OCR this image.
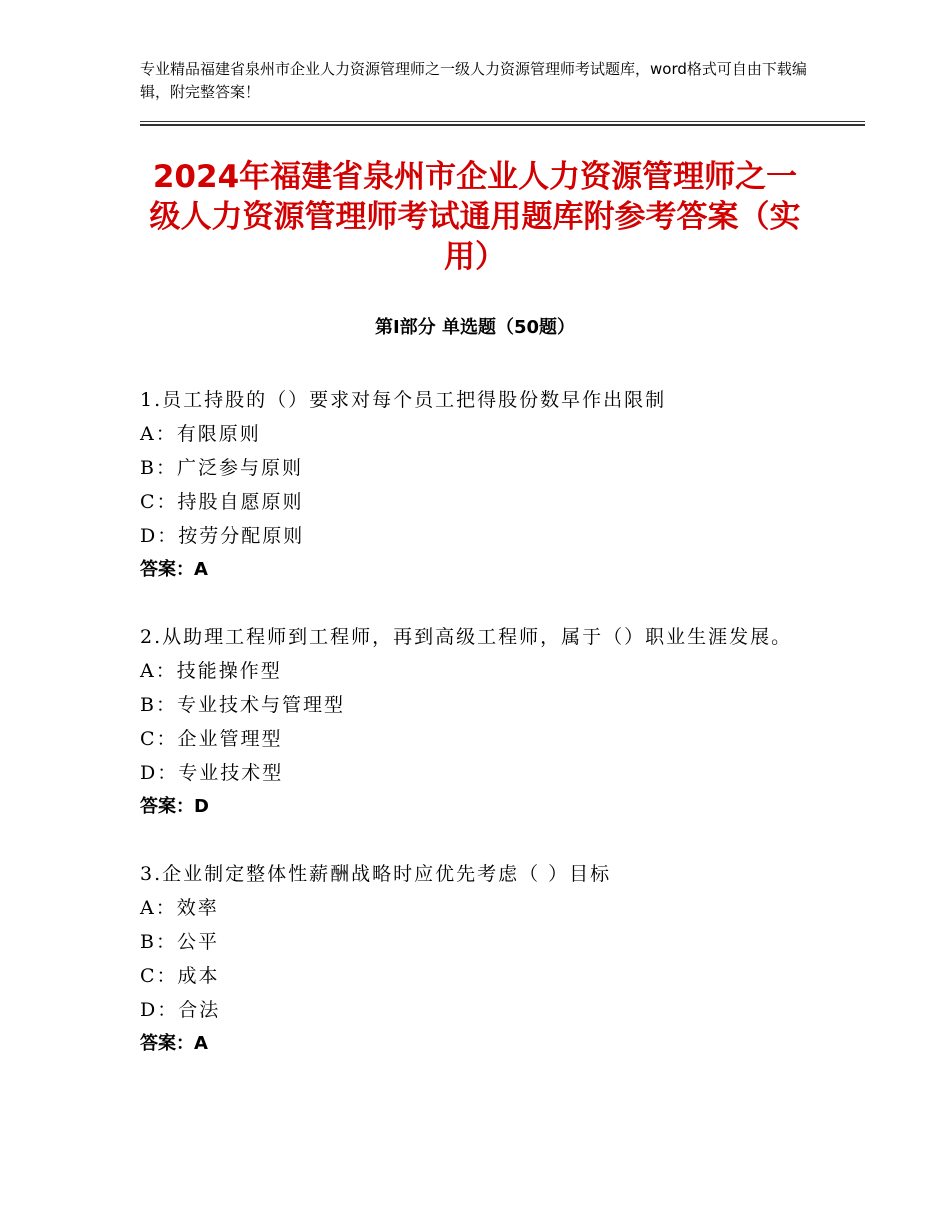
专业精品福建省泉州市企业人力资源管理师之一级人力资源管理师考试题库，word格式可自由下载编辑，附完整答案！
2024年福建省泉州市企业人力资源管理师之一级人力资源管理师考试通用题库附参考答案（实用）
第Ⅰ部分 单选题（50题）
1.员工持股的（）要求对每个员工把得股份数早作出限制
A：有限原则
B：广泛参与原则
C：持股自愿原则
D：按劳分配原则
答案：A
2.从助理工程师到工程师，再到高级工程师，属于（）职业生涯发展。
A：技能操作型
B：专业技术与管理型
C：企业管理型
D：专业技术型
答案：D
3.企业制定整体性薪酬战略时应优先考虑（ ）目标
A：效率
B：公平
C：成本
D：合法
答案：A
